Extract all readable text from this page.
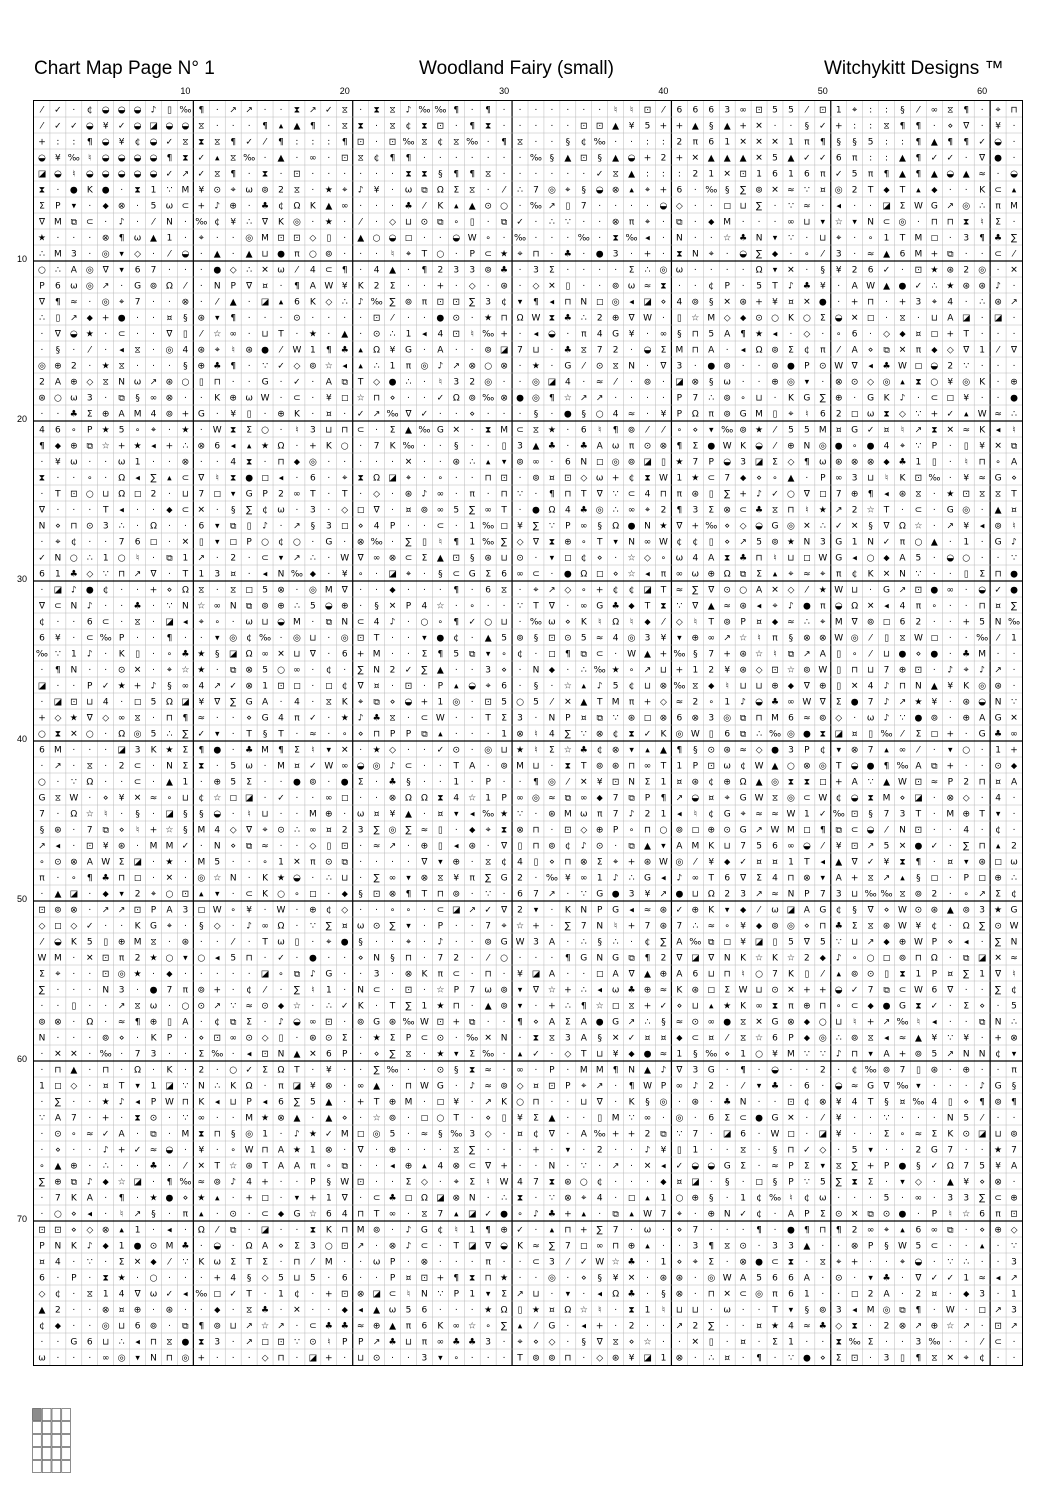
Chart Map Page N° 1	Woodland Fairy (small)	Witchykitt Designs ™
10	20	30	40	50	60
10
20
30
40
50
60
70
⁄ ✓ · ¢ ◒ ◒ ◒ ♪ ▯ ‰ ¶ · ↗ ↗ · · ⧗ ↗ ✓ ⧖ · ⧗ ⧖ ♪ ‰ ‰ ¶ · ¶ · · · · · · · ♮ ♮ ⊡ ⁄ 6 6 6 3 ∞ ⊡ 5 5 ⁄ ⊡ 1 ⌖ : : § ⁄ ∞ ⧖ ¶ · ⌖ ⊓
⁄ ✓ ✓ ◒ ¥ ✓ ◒ ◪ ◒ ◒ ⧖ · · · ¶ ▴ ▲ ¶ · ⧖ ⧗ · ⧖ ¢ ⧗ ⊡ · ¶ ⧗ · · · · · ⊡ ⊡ ▲ ¥ 5 + + ▲ § ▲ + ✕ · · § ✓ + : : ⧖ ¶ ¶ · ⋄ ∇ · ¥ ·
+ : : ¶ ◒ ¥ ¢ ◒ ✓ ⧖ ⧗ ⧖ ¶ ✓ ⁄ ¶ : : : ¶ ⊡ · ⊡ ‰ ⧖ ¢ ⧖ ‰ · ¶ ⧖ · · § ¢ ‰ · · : : 2 π 6 1 ✕ ✕ ✕ 1 π ¶ § § 5 : : ¶ ▲ ¶ ¶ ✓ ◒ ·
◒ ¥ ‰ ♮ ◒ ◒ ◒ ◒ ¶ ⧗ ✓ ▴ ⧖ ‰ · ▲ · ∞ · ⊡ ⧖ ¢ ¶ ¶ · · · · · · · ‰ § ▲ ⊡ § ▲ ◒ + 2 + ✕ ▲ ▲ ▲ ✕ 5 ▲ ✓ ✓ 6 π : : ▲ ¶ ✓ ✓ · ∇ ● ·
◪ ◒ ♮ ◒ ◒ ◒ ◒ ◒ ✓ ↗ ✓ ⧖ ¶ · ⧗ · ⊡ · · · · · · ⧗ ⧗ § ¶ ¶ ⧖ · · · · · · ✓ ⧖ ▲ : : : 2 1 ✕ ⊡ 1 6 1 6 π ✓ 5 π ¶ ▲ ¶ ▲ ◒ ▲ ≈ · ◒
⧗ · ● K ● · ⧗ 1 ∵ M ¥ ⊙ ⌖ ω ⊚ 2 ⧖ · ★ ⌖ ♪ ¥ · ω ⧉ Ω Σ ⧖ · ⁄ ∴ 7 ◎ ⌖ § ◒ ⊗ ▴ ⌖ + 6 · ‰ § ∑ ⊚ ✕ ≈ ∵ ¤ ◎ 2 T ⬥ T ▴ ⬥ · · K ⊂ ▴
Σ P ▾ · ⬥ ⊗ · 5 ω ⊂ + ♪ ⊕ · ♣ ¢ Ω K ▲ ∞ · · · ♣ ⁄ K ▴ ▲ ⊙ ○ · ‰ ↗ ▯ 7 · · · · ◒ ◇ · · ◻ ⊔ ∑ · ∵ ≈ · ◂ · · ◪ Σ W G ↗ ◎ ∴ π M
∇ M ⧉ ⊂ · ♪ · ⁄ N · ‰ ¢ ¥ ∴ ∇ K ◎ · ★ · ⁄ · ◇ ⊔ ⊙ ⧉ ∘ ▯ · ⧉ ✓ · ∴ ∵ · · ⊗ π ⌖ · ⧉ · ⬥ M · · · ∞ ⊔ ▾ ☆ ▾ N ⊂ ◎ · ⊓ ⊓ ⧗ ♮ Σ ·
★ · · · ⊗ ¶ ω ▲ 1 · ⌖ · · ◎ M ⊡ ⊡ ◇ ▯ · ▲ ○ ◒ ◻ · · ◒ W ∘ · ‰ · · · ‰ · ⧗ ‰ ◂ · N · · ☆ ♣ N ▾ ∵ · ⊔ ⌖ · ∘ 1 T M ◻ · 3 ¶ ♣ ∑
∴ M 3 · ◎ ▾ ◇ · ⁄ ◒ · ▲ · ▲ ⊔ ● π ○ ⊚ · · · ♮ ⌖ T ○ · P ⊂ ★ ⌖ ⊓ · ♣ · ● 3 · + · ⧗ N ⌖ · ◒ ∑ ⬥ · ∘ ⁄ 3 · ≈ ▲ 6 M + ⧉ · · ⊂ ⁄
○ ∴ A ◎ ∇ ▾ 6 7 · · · ● ◇ ∴ ✕ ω ⁄ 4 ⊂ ¶ · 4 ▲ · ¶ 2 3 3 ⊚ ♣ · 3 Σ · · · · Σ ∴ ◎ ω · · · · Ω ▾ ✕ · § ¥ 2 6 ✓ · ⊡ ★ ⊛ 2 ◎ · ✕
P 6 ω ◎ ↗ · G ⊚ Ω ⁄ · N P ∇ ¤ · ¶ A W ¥ K 2 Σ · · + · ◇ · ⊛ · ◇ ✕ ▯ · · ⊚ ω ≈ ⧗ · · ¢ P · 5 T ♪ ♣ ¥ · A W ▲ ● ✓ ∴ ★ ⊛ ⊛ ♪ ·
∇ ¶ ≈ · ◎ ⌖ 7 · · ⊗ · ⁄ ▲ · ◪ ▴ 6 K ◇ ∴ ♪ ‰ ∑ ⊚ π ⊡ ⊡ ∑ 3 ¢ ▾ ¶ ◂ ⊓ N ◻ ◎ ◂ ◪ ⋄ 4 ⊚ § ✕ ⊛ + ¥ ¤ ✕ ● · + ⊓ · + 3 ⌖ 4 · ∴ ⊛ ↗
∴ ▯ ↗ ⬥ + ● · · ¤ § ⊛ ▾ ¶ · · · ⊙ · · · · ⊡ ⁄ · · ● ⊙ · ★ ⊓ Ω W ⧗ ♣ ∴ 2 ⊕ ∇ W · ▯ ☆ M ◇ ⬥ ⊙ ○ K ○ Σ ◒ ✕ ◻ · ⧖ · ⊔ A ◪ · ◪ ·
· ∇ ◒ ★ · ⊂ · · ∇ ▯ ⁄ ☆ ∞ · ⊔ T · ★ · ▲ · ⊙ ∴ 1 ◂ 4 ⊡ ♮ ‰ + · ◂ ◒ · π 4 G ¥ · ∞ § ⊓ 5 A ¶ ★ ◂ · ◇ · ∘ 6 · ◇ ⬥ ¤ ◻ + T · · ·
· § · ⁄ · ◂ ⧖ · ◎ 4 ⊛ ⌖ ♮ ⊛ ● ⁄ W 1 ¶ ♣ ▴ Ω ¥ G · A · · ⊚ ◪ 7 ⊔ · ♣ ⧖ 7 2 · ◒ Σ M ⊓ A · ◂ Ω ⊚ Σ ¢ π ⁄ A ⋄ ⧉ ✕ π ⬥ ◇ ∇ 1 ⁄ ∇
◎ ⊕ 2 · ★ ⧖ · · · § ⊕ ♣ ¶ · ∵ ✓ ◇ ⊚ ☆ ◂ ▴ ∴ 1 π ◎ ♪ ↗ ⊗ ○ ⊗ · ★ · G ⁄ ⊙ ⧖ N · ∇ 3 · ● ⊚ · · ⊛ ● P ⊙ W ∇ ◂ ♣ W ◻ ◒ 2 ∵ · · ·
2 A ⊕ ◇ ⧖ N ω ↗ ⊛ ○ ▯ ⊓ · · G · ✓ · A ⧉ T ◇ ● ∴ · ♮ 3 2 ◎ · · ◎ ◪ 4 · ≈ ⁄ · ⊚ · ◪ ⊗ § ω · · ⊕ ◎ ▾ · ⊗ ⊙ ◇ ◎ ▴ ⧗ ○ ¥ ◎ K · ⊕
⊛ ○ ω 3 · ⧉ § ∞ ⊗ · · K ⊕ ω W · ⊂ · ¥ ◻ ☆ ⊓ ⋄ · · ✓ Ω ⊚ ‰ ⊗ ● ◎ ¶ ☆ ↗ ↗ · · · · P 7 ∴ ⊚ ∘ ⊔ · K G ∑ ⊕ · G K ♪ · ⊂ ◻ ¥ · · ●
· · ♣ Σ ⊕ A M 4 ⊚ + G · ¥ ▯ · ⊕ K · ¤ · ✓ ↗ ‰ ∇ ✓ · · ⋄ · · · § · ● § ○ 4 ≈ · ¥ P Ω π ⊚ G M ▯ ⌖ ♮ 6 2 ◻ ω ⧗ ◇ ∵ + ✓ ▴ W ≈ ∴
4 6 ∘ P ★ 5 ∘ ⌖ · ★ · W ⧗ Σ ○ · ♮ 3 ⊔ ⊓ ⊂ · Σ ▲ ‰ G ✕ · ⧗ M ⊂ ⧖ ★ · 6 ♮ ¶ ⊚ ⁄ ⁄ ∘ ⋄ ▾ ‰ ⊚ ★ ⁄ 5 5 M ¤ G ✓ ¤ ♮ ↗ ⧗ ✕ ≈ K ◂ ♮
¶ ⬥ ⊕ ⧉ ☆ + ★ ◂ + ∴ ⊗ 6 ◂ ▴ ★ Ω · + K ○ · 7 K ‰ · · § · · ▯ 3 ▲ ♣ · ♣ A ω π ⊙ ⊗ ¶ Σ ● W K ◒ ⁄ ⊕ N ◎ ● ∘ ● 4 ⌖ ∵ P · ▯ ¥ ✕ ⧉
· ¥ ω · · ω 1 · · ⊗ · · 4 ⧗ · ⊓ ⬥ ◎ · · · · · ✕ · · ⊛ ∴ ▴ ▾ ⊚ ∞ · 6 N ◻ ◎ ⊚ ◪ ▯ ★ 7 P ◒ 3 ◪ Σ ◇ ¶ ω ⊛ ⊗ ⊗ ⬥ ♣ 1 ▯ · ♮ ⊓ ∘ A
⧗ · · ∘ · Ω ◂ ∑ ▴ ⊂ ∇ ♮ ⧗ ● ◻ ◂ · 6 · ⌖ ⧗ Ω ◪ ⌖ · ∘ · · ⊓ ⊡ · ⊚ ¤ ⊡ ◇ ω + ¢ ⧗ W 1 ★ ⊂ 7 ⬥ ⋄ ∘ ▲ · P ∞ 3 ⊔ ♮ K ⊡ ‰ · ¥ ≈ G ⋄
· T ⊡ ○ ⊔ Ω ◻ 2 · ⊔ 7 ◻ ▾ G P 2 ∞ T · T · ◇ · ⊛ ♪ ∞ · π · ⊓ ∵ · ¶ ⊓ T ∇ ∵ ⊂ 4 ⊓ π ⊛ ▯ ∑ + ♪ ✓ ○ ∇ ◻ 7 ⊕ ¶ ◂ ⊛ ⧖ · ★ ⊡ ⧖ ⧖ T
∇ · · · T ◂ · · ⬥ ⊂ ✕ · § ∑ ¢ ω · 3 · ◇ ◻ ∇ · ¤ ⊚ ∞ 5 ∑ ∞ T · ● Ω 4 ♣ ◎ ∴ ∞ ⌖ 2 ¶ 3 Σ ⊗ ⊂ ♣ ⧖ ⊓ ♮ ★ ↗ 2 ☆ T · ⊂ · G ◎ · ▲ ¤
N ⋄ ⊓ ⊙ 3 ∴ · Ω · · 6 ▾ ⧉ ▯ ♪ · ↗ § 3 ◻ ⋄ 4 P · · ⊂ · 1 ‰ ◻ ¥ ∑ ∵ P ∞ § Ω ● N ★ ∇ + ‰ ⋄ ◇ ◒ G ◎ ✕ ∴ ✓ ✕ § ∇ Ω ☆ · ↗ ¥ ◂ ⊚ ♮
· ⌖ ¢ · · 7 6 ◻ · ✕ ▯ ▾ ◻ P ○ ¢ ○ · G · ⊗ ‰ · ∑ ▯ ♮ ¶ 1 ‰ ∑ ◇ ∇ ⧗ ⊕ ∘ T ▾ N ∞ W ¢ ¢ ▯ ⋄ ↗ 5 ⊚ ★ N 3 G 1 N ✓ π ○ ▲ · 1 · G ♪
✓ N ○ ∴ 1 ○ ♮ · ⧉ 1 ↗ · 2 · ⊂ ▾ ↗ ∴ · W ∇ ∞ ⊗ ⊂ Σ ▲ ⊡ § ⊛ ⊔ ⊙ · ▾ ◻ ¢ ⋄ · ☆ ◇ ∘ ω 4 A ⧗ ♣ ⊓ ♮ ⊔ ◻ W G ◂ ○ ⬥ A 5 · ◒ ○ · · ∵
6 1 ♣ ◇ ∵ ⊓ ↗ ∇ · T 1 3 ¤ · ◂ N ‰ ⬥ · ¥ ∘ · ◪ ⌖ · § ⊂ G Σ 6 ∞ ⊂ · ● Ω ◻ ⋄ ☆ ◂ π ∞ ω ⊕ Ω ⧉ Σ ▴ ⌖ ≈ ⌖ π ¢ K ✕ N ∵ · · ▯ Σ ⊓ ●
· ◪ ♪ ● ¢ · · + ⋄ Ω ⧖ · ⧖ ◻ 5 ⊗ · ◎ M ∇ · · ⬥ · · · ¶ · 6 ⧖ · ⌖ ↗ ◇ ∘ + ¢ ¢ ◪ T ≈ ∑ ∇ ⊙ ○ A ✕ ◇ ⁄ ★ W ⊔ · G ↗ ⊡ ● ∞ · ◒ ✓ ●
∇ ⊂ N ♪ · · ♣ · ∵ N ☆ ∞ N ⧉ ⊚ ⊕ ∴ 5 ◒ ⊕ · § ✕ P 4 ☆ · ∘ · · ∵ T ∇ · ∞ G ♣ ⬥ T ⧗ ∵ ∇ ▲ ≈ ⊛ ◂ ⌖ ♪ ● π ◒ Ω ✕ ◂ 4 π ∘ · · ⊓ ¤ ∑
¢ · · 6 ⊂ · ⧖ · ◪ ◂ ⌖ ∘ · ω ⊔ ◒ M · ⧉ N ⊂ 4 ♪ · ○ ∘ ¶ ✓ ○ ⊔ · ‰ ω ⋄ K ♮ Ω ♮ ⬥ ⁄ ◇ ♮ T ⊚ P ¤ ⬥ ≈ ∴ ⌖ M ∇ ⊚ ◻ 6 2 · · + 5 N ‰
6 ¥ · ⊂ ‰ P · · ¶ · · ▾ ◎ ¢ ‰ · ◎ ⊔ · ◎ ⊡ T · · ▾ ● ¢ · ▲ 5 ⊚ § ⊡ ⊙ 5 ≈ 4 ◎ 3 ¥ ▾ ⊕ ∞ ↗ ☆ ♮ π § ⊗ ⊗ W ◎ ⁄ ▯ ⧖ W ◻ · · ‰ ⁄ 1
‰ ∵ 1 ♪ · K ▯ · ∘ ♣ ★ § ◪ Ω ∞ ✕ ⊔ ∇ · 6 + M · · Σ ¶ 5 ⧉ ▾ ∘ ¢ · ◻ ¶ ⧉ ⊂ · W ▲ + ‰ § 7 + ⊛ ☆ ♮ ⧉ ↗ A ▯ ∘ ⁄ ⊔ ● ⋄ ● · ♣ M · ·
· ¶ N · · ⊙ ✕ · ⌖ ☆ ★ · ⧉ ⊗ 5 ○ ∞ · ¢ · ∑ N 2 ✓ ∑ ▲ · · 3 ⋄ · N ⬥ · ∴ ‰ ★ ∘ ↗ ⊔ + 1 2 ¥ ⊛ ◇ ⊡ ☆ ⊚ W ▯ ⊓ ⊔ 7 ⊕ ⊡ · ♪ ⌖ ♪ ↗ ·
◪ · · P ✓ ★ + ♪ § ∞ 4 ↗ ✓ ⊗ 1 ⊡ ◻ · ◻ ¢ ∇ ¤ · ⊡ · P ▴ ◒ ⌖ 6 · § · ☆ ▴ ♪ 5 ¢ ⊔ ⊗ ‰ ⧖ ⬥ ♮ ⊔ ⊔ ⊕ ⬥ ∇ ⊕ ▯ ✕ 4 ♪ ⊓ N ▲ ¥ K ◎ ⊛ ·
· ◪ ⊡ ⊔ 4 · ◻ 5 Ω ◪ ¥ ∇ ∑ G A · 4 · ⧖ K ⌖ ⧉ ⋄ ◒ + 1 ◎ · ⊡ 5 ○ 5 ⁄ ✕ ▲ T M π + ◇ ≈ 2 ∘ 1 ♪ ◒ ♣ ∞ W ∇ Σ ● 7 ♪ ↗ ★ ¥ · ⊛ ◒ N ∵
+ ◇ ★ ∇ ◇ ∞ ⧖ · ⊓ ¶ ≈ · · ⋄ G 4 π ✓ · ★ ♪ ♣ ⧖ · ⊂ W · · T Σ 3 · N P ¤ ⧉ ∵ ⊛ ◻ ⊗ 6 ⊗ 3 ◎ ⧉ ⊓ M 6 ≈ ⊚ ◇ · ω ♪ ∵ ● ⊚ · ⊕ A G ✕
○ ⧗ ✕ ○ · Ω ◎ 5 ∴ ∑ ✓ ▾ · T § T · ≈ · ∘ ⋄ ⊓ P P ⧉ ▴ · · · 1 ⊗ ♮ 4 ∑ ∵ ⊗ ¢ ⧗ ✓ K ◎ W ▯ 6 ⧉ ∴ ‰ ◎ ● ⧗ ◪ ¤ ▯ ‰ ⁄ Σ ◻ + · G ♣ ∞
6 M · · · ◪ 3 K ★ Σ ¶ ● · ♣ M ¶ Σ ♮ ▾ ✕ · ★ ◇ · · ✓ ⊙ · ◎ ⊔ ★ ♮ Σ ☆ ♣ ¢ ⊗ ▾ ▴ ▲ ¶ § ⊙ ⊛ ≈ ◇ ● 3 P ¢ ▾ ⊗ 7 ▴ ∞ ⁄ · ▾ ○ · 1 +
· ↗ · ⧖ · 2 ⊂ · N Σ ⧗ · 5 ω · M ¤ ✓ W ∞ ◒ ◎ ♪ ⊂ · · T A · ⊚ M ⊔ · ⧗ T ⊚ ⊛ ⊓ ∞ T 1 P ⊡ ω ¢ W ▲ ○ ⊗ ◎ T ◒ ● ¶ ‰ A ⧉ + · · ⊙ ⬥
○ · ∵ Ω · · ⊂ · ▲ 1 · ⊕ 5 Σ · · ● ⊚ · ● Σ · ♣ § · · 1 · P · · ¶ ◎ ⁄ ✕ ¥ ⊡ N Σ 1 ¤ ⊛ ¢ ⊕ Ω ▲ ◎ ⧗ ⧗ ◻ + A ∵ ▲ W ⊡ ≈ P 2 ⊓ ¤ A
G ⧖ W · ⋄ ¥ ✕ ≈ ∘ ⊔ ¢ ☆ ◻ ◪ · ✓ · · ∞ ◻ · · ⊗ Ω Ω ⧗ 4 ☆ 1 P ∞ ◎ ≈ ⧉ ∞ ⬥ 7 ⧉ P ¶ ↗ ◒ ¤ ⌖ G W ⧖ ◎ ⊂ W ¢ ◒ ⧗ M ⋄ ◪ · ⊗ ◇ · 4 ·
7 · Ω ☆ ♮ · § · ◪ § § ◒ · ♮ ⊔ · · M ⊕ · ω ¤ ¥ ▲ · ¤ ▾ ◂ ‰ ★ ∵ · ⊛ M ω π 7 ♪ 2 1 ◂ ♮ ¢ G ⌖ ≈ ≈ W 1 ✓ ‰ ⊡ § 7 3 T · M ⊕ T ▾ ·
§ ⊛ · 7 ⧉ ⋄ ♮ + ☆ § M 4 ◇ ∇ ⌖ ⊙ ∴ ∞ ¤ 2 3 ∑ ◎ ∑ ≈ ▯ · ⬥ ⌖ ⧗ ⊗ ⊓ · ⊡ ◇ ⊕ P ∘ ⊓ ○ ⊚ ◻ ⊕ ⊙ G ↗ W M ◻ ¶ ⧉ ⊂ ◒ ⁄ N ⊡ · · 4 · ¢ ·
↗ ◂ · ⊡ ¥ ⊛ · M M ✓ · N ⋄ ⧉ ≈ · · ◇ ▯ ⊡ · ≈ ↗ · ⊕ ▯ ◂ ⊛ · ∇ ▯ ⊓ ⊚ ¢ ♪ ⊙ · ⧉ ▲ ▾ A M K ⊔ 7 5 6 ∞ ◒ ⁄ ¥ ⊡ ↗ 5 ✕ ● ✓ · ∑ ⊓ ▴ 2
∘ ⊙ ⊗ A W Σ ◪ · ★ · M 5 · · ∘ 1 ✕ π ⊙ ⧉ · · · · ∇ ▾ ⊕ · ⧖ ¢ 4 ▯ ⋄ ⊓ ⊗ Σ ⌖ + ⊛ W ◎ ⁄ ¥ ⬥ ✓ ¤ ¤ 1 T ◂ ▲ ∇ ✓ ¥ ⧗ ¶ · ¤ ▾ ⊛ ◻ ω
π · ∘ ¶ ♣ ⊓ ◻ · ✕ · ◎ ☆ N · K ★ ◒ · ∴ ⊔ · ∑ ∞ ▾ ⊗ ⧖ ¥ π ∑ G 2 · ‰ ¥ ∞ 1 ♪ ∴ G ◂ ♪ ∞ T 6 ∇ Σ 4 ⊓ ⊗ ▾ A + ⧖ ↗ ▴ § ◻ · P ◻ ⊕ ∴
· ▲ ◪ · ⬥ ▾ 2 ⌖ ○ ⊡ ▴ ▾ · ⊂ K ○ ∘ ◻ · ⬥ § ⊡ ⊗ ¶ T ⊓ ⊚ · ∵ · 6 7 ↗ · ∵ G ● 3 ¥ ↗ ● ⊔ Ω 2 3 ↗ ≈ N P 7 3 ⊔ ‰ ‰ ⧖ ⊚ 2 · ∘ ↗ Σ ¢
⊡ ⊚ ⊗ · ↗ ↗ ⊡ P A 3 ◻ W ∘ ¥ · W · ⊕ ¢ ◇ · · ∘ ∘ · ⊂ ◪ ↗ ✓ ∇ 2 ▾ · K N P G ◂ ≈ ⊛ ✓ ⊕ K ▾ ⬥ ⁄ ω ◪ A G ¢ § ∇ ⋄ W ⊙ ⊛ ▲ ⊚ 3 ★ G
◇ ◻ ◇ ✓ · · K G ⌖ · § ◇ · ♪ ∞ Ω · ∵ ∑ ¤ ω ⊙ ∑ ▾ · P · · 7 ⌖ ☆ + · ∑ 7 N ♮ + 7 ⊛ 7 ∴ ≈ ∘ ¥ ⬥ ⊚ ◎ ⋄ ⊓ ♣ Σ ⧖ ⊛ W ¥ ¢ · Ω ∑ ⊙ W
⁄ ◒ K 5 ▯ ⊕ M ⧖ · ⊛ · · ⁄ · T ω ▯ · ⌖ ● § · · ⌖ · ♪ · · ⊚ G W 3 A · ∴ § ∴ · ¢ ∑ A ‰ ⧉ ◻ ¥ ◪ ▯ 5 ∇ 5 ∵ ⊔ ↗ ⬥ ⊕ W P ⋄ ◂ · ∑ N
W M · ✕ ⊡ π 2 ★ ○ ▾ ○ ◂ 5 ⊓ · ✓ · ● · · ⋄ N § ⊓ · 7 2 · ⁄ ○ · · · ¶ G N G ⧉ ¶ 2 ∇ ◪ ∇ N K ☆ K ☆ 2 ⬥ ♪ ∘ ○ ◻ ⊚ ⊓ Ω · ⧉ ◪ ✕ ≈
Σ ⌖ · · ⊡ ◎ ★ · ⬥ · · · · · ◪ ∘ ⧉ ♪ G · · 3 · ⊗ K π ⊂ · ⊓ · ¥ ◪ A · · ◻ A ∇ ▲ ⊕ A 6 ⊔ ⊓ ♮ ○ 7 K ▯ ⁄ ▴ ⊚ ⊙ ▯ ⧗ 1 P ¤ ∑ 1 ∇ ♮
∑ · · · N 3 · ● 7 π ⊚ + · ¢ ⁄ · ∑ ♮ 1 · N ⊂ · ⊡ · ☆ P 7 ω ⊚ ▾ ∇ ☆ + ∴ ◂ ω ♣ ⊕ ≈ K ⊛ ◻ Σ W ⊔ ⊙ ✕ + + ◒ ✓ 7 ⧉ ⊂ W 6 ∇ · · ∑ ¢
· · ▯ · · ↗ ⧖ ω · ○ ⊙ ↗ ∵ ≈ ⊙ ⬥ ☆ · ∴ ✓ K · T ∑ 1 ★ ⊓ · ▲ ⊚ ▾ · + ∴ ¶ ☆ ◻ ⧖ + ✓ ⋄ ⊔ ▴ ★ K ∞ ⧗ π ⊕ ⊓ ∘ ⊂ ⬥ ● G ⧗ ✓ · Σ ⋄ · 5
⊚ ⊗ · Ω · ≈ ¶ ⊕ ▯ A · ¢ ⧉ Σ · ♪ ◒ ∞ ⊡ · ⊚ G ⊛ ‰ W ⊡ + ⧉ · · ¶ ⋄ A Σ A ● G ↗ ∴ § ≈ ⊙ ∞ ● ⧖ ✕ G ⊗ ⬥ ○ ⊔ ♮ + ↗ ‰ ♮ ◂ · · ⧉ N ∴
N · · · ⊚ ⋄ · K P · ⋄ ⊡ ∞ ⊙ ◇ ▯ · ⊛ ⊙ Σ · ★ Σ P ⊂ ⊙ · ‰ ✕ N · ⧗ ⧖ 3 A § ✕ ✓ ¤ ¤ ⬥ ⊂ ¤ ⁄ ⧖ ☆ 6 P ⬥ ◎ ∴ ⊚ ⧖ ◂ ≈ ▲ ¥ ∵ ¥ · + ⊗
· ✕ ✕ · ‰ · 7 3 · · Σ ‰ · ◂ ⊡ N ▲ ✕ 6 P · ⋄ ∑ ⧖ · ★ ▾ Σ ‰ · ▴ ✓ · ◇ T ⊔ ¥ ⬥ ● ≈ 1 § ‰ ⋄ 1 ○ ¥ M ∵ ∵ ♪ ⊓ ▾ A + ⊚ 5 ↗ N N ¢ ▾
· ⊓ ▲ · ⊓ · Ω · K · 2 · ○ ✓ Σ Ω T · ¥ · · ∑ ‰ · · ⊙ § ⧗ ≈ · ∞ · P · M M ¶ N ▲ ♪ ∇ 3 G · ¶ · ◒ · · 2 · ¢ ‰ ⊚ 7 ▯ ⊛ · ⊕ · · π
1 ◻ ◇ · ¤ T ▾ 1 ◪ ∵ N ∴ K Ω · π ◪ ¥ ⊗ · ∞ ▲ · ⊓ W G · ♪ ≈ ⊚ ◇ ¤ ⊡ P ⌖ ↗ · ¶ W P ∞ ♪ 2 · ⁄ ▾ ♣ · 6 · ◒ ≈ G ∇ ‰ ▾ · · · ♪ G §
· ∑ · · ★ ♪ ◂ P W ⊓ K ◂ ⊔ P ◂ 6 ∑ 5 ▲ · + T ⊕ M · ◻ ¥ · ↗ K ○ ⊓ · · ⊔ ∇ · K § ◎ · ⊛ · ♣ N · · ⊡ ¢ ⊗ ¥ 4 T § ¤ ‰ 4 ▯ ⋄ ¶ ⊚ ¶
∵ A 7 · + · ⧗ ⊙ · ∵ ∞ · · M ★ ⊗ ▲ · ▲ ⋄ · ☆ ⊚ · ◻ ○ T · ⋄ ▯ ¥ Σ ▲ · · ▯ M ∵ ∞ · ◎ · 6 Σ ⊂ ● G ✕ · ⁄ ¥ · · ∵ · · · N 5 ⁄ · ·
· ⊙ ∘ ≈ ✓ A · ⧉ · M ⧗ ⊓ § ◎ 1 · ♪ ★ ✓ M ◻ ◎ 5 · ≈ § ‰ 3 ◇ · ¤ ¢ ∇ · A ‰ + + 2 ⧉ ∵ 7 · ◪ 6 · W ◻ · ◪ ¥ · · Σ ∘ ≈ Σ K ⊙ ◪ ⊔ ⊚
· ⋄ · · ♪ + ✓ ≈ ◒ · ¥ · ∘ W ⊓ A ★ 1 ⊗ · ∇ · ⊕ · · · ⧖ ∑ · · · + · ▾ · 2 · · ♪ ¥ ▯ 1 · · ⧖ · § ⊓ ✓ ◇ · 5 ▾ · · 2 G 7 · · ★ 7
∘ ▲ ⊕ · ∴ · · ♣ · ⁄ ✕ T ☆ ⊛ T A A π ∘ ⧉ · · ◂ ⊕ ▴ 4 ⊗ ⊂ ∇ + · · N · ∵ · ↗ · ✕ ◂ ✓ ◒ ◒ G Σ · ≈ P Σ ▾ ⧖ ∑ + P ● § ✓ Ω 7 5 ¥ A
∑ ⊕ ⧉ ♪ ⬥ ☆ ◪ · ¶ ‰ ≈ ⊚ ♪ 4 + · · P § W ⊡ · · Σ ◇ · ⌖ Σ ♮ W 4 7 ⧗ ⊛ ○ ¢ · · · ⬥ ¤ ◪ · § · ◻ § P ∵ 5 ∑ ⧗ Σ · ▾ ◇ · ▲ ¥ ⋄ ⊗ ·
· 7 K A · ¶ · ★ ● ⋄ ★ ▴ · + ◻ · ▾ + 1 ∇ · ⊂ ♣ ◻ Ω ◪ ⊗ N · ∴ ⧗ · ∵ ⊗ ⌖ 4 · ◻ ▴ 1 ○ ⊕ § · 1 ¢ ‰ ♮ ¢ ω · · · 5 · ∞ · 3 3 ∑ ⊂ ⊕
· ○ ⋄ ◂ · ♮ ↗ § · π ▴ · ⊙ · ⊂ ⬥ G ☆ 6 4 ⊓ T ∞ · ⧖ 7 ▴ ◪ ✓ ● ∘ ♪ ♣ + ▴ · ⧉ ▴ W 7 ⌖ · ⊕ N ✓ ¢ · A P Σ ⊙ ✕ ⧉ ⊙ ● · P ♮ ☆ 6 π ⊡
⊡ ⊡ ⋄ ◇ ⊗ ▴ 1 · ◂ · Ω ⁄ ⧉ · ◪ · · ⧗ K ⊓ M ⊚ · ♪ G ¢ ♮ 1 ¶ ⊕ ✓ · ▴ ⊓ + ∑ 7 · ω · ⋄ 7 · · · ¶ · ● ¶ ⊓ ¶ 2 ∞ ⌖ ▴ 6 ∞ ⧉ · ⋄ ⊕ ◇
P N K ♪ ⬥ 1 ● ⊙ M ♣ · ◒ · Ω A ⋄ Σ 3 ○ ⊡ ↗ · ⊗ ♪ ⊂ · T ◪ ∇ ◒ K ≈ ∑ 7 ◻ ∞ ⊓ ⊕ ▴ · · 3 ¶ ⧖ ⊙ · 3 3 ▲ · · ⊗ P § W 5 ⊂ · · ▴ · ∵
¤ 4 · ∵ · Σ ✕ ⬥ ⁄ ∵ K ω Σ T Σ · ⊓ ⁄ M · · ω P · ⊗ · · · π · · ⊂ 3 ⁄ ✓ W ☆ ♣ · 1 ⋄ ⌖ Σ · ⊗ ● ⊂ ⧗ · ⧖ ⌖ + · · ⌖ ◒ · ∵ ∴ · · 3
6 · P · ⧗ ★ · ○ · · · + 4 § ◇ 5 ⊔ 5 · 6 · · P ¤ ⊡ + ¶ ⧗ ⊓ ★ · · ◎ · ⋄ § ¥ ✕ · ⊛ ⊛ · ◎ W A 5 6 6 A · ⊙ · ▾ ♣ · ∇ ✓ ✓ 1 ≈ ◂ ↗
◇ ¢ · ⧖ 1 4 ∇ ω ✓ ◂ ‰ ◻ ✓ T · 1 ¢ · + ⊡ ⊗ ◪ ⊂ ♮ N ∵ P 1 ▾ Σ ↗ ⊔ · ▾ · ◂ Ω ♣ · § ⊗ · ⊓ ✕ ⊂ ◎ π 6 1 · · ◻ 2 A · 2 ¤ · ⬥ 3 · 1
▲ 2 · · ⊗ ¤ ⊕ · ⊛ · · ⬥ · ⧖ ♣ · ✕ · · ⬥ ◂ ▲ ω 5 6 · · · ★ Ω ▯ ★ ¤ Ω ☆ ♮ · ⧗ 1 ♮ ⊔ ⊔ · ω · · T ▾ § ⊚ 3 ◂ M ◎ ⧉ ¶ · W · ◻ ↗ 3
¢ ⬥ · · ◎ ⊔ 6 ⊚ · ⧉ ¶ ⊚ ⊔ ↗ ☆ ↗ · ⊂ ♣ ♣ ≈ ⊕ ▲ π 6 K ∞ ☆ ∘ ∑ ▴ ⁄ G · ◂ + · 2 · · ↗ 2 ∑ · · ¤ ★ 4 ≈ ♣ ◇ ⧗ · 2 ⊗ ↗ ⊕ ☆ ↗ · ⊡ ↗
· · G 6 ⊔ ∴ ◂ ⊓ ⧖ ● ⧗ 3 · ↗ ◻ ⊡ ∵ ⊙ ♮ P P ↗ ♣ ⊔ π ∞ ♣ ♣ 3 · ⌖ ⋄ ◇ · § ∇ ⧖ ⋄ ☆ · · ✕ ▯ · ¤ · Σ 1 · · ⧗ ‰ Σ · · 3 ‰ · · ⁄ ⊂ ·
ω · · · ∞ ◎ ▾ N ⊓ ◎ + · · · ◇ ⊓ · ◪ + · ⊔ ⊙ · · 3 ▾ ∘ · · · T ⊚ ⊚ ⊓ · ◇ ⊛ ¥ ◪ 1 ⊗ · ∴ ¤ · ¶ · ∵ ● ⋄ Σ ⊡ · 3 ▯ ¶ ⧖ ✕ ⌖ ¢ · ·
